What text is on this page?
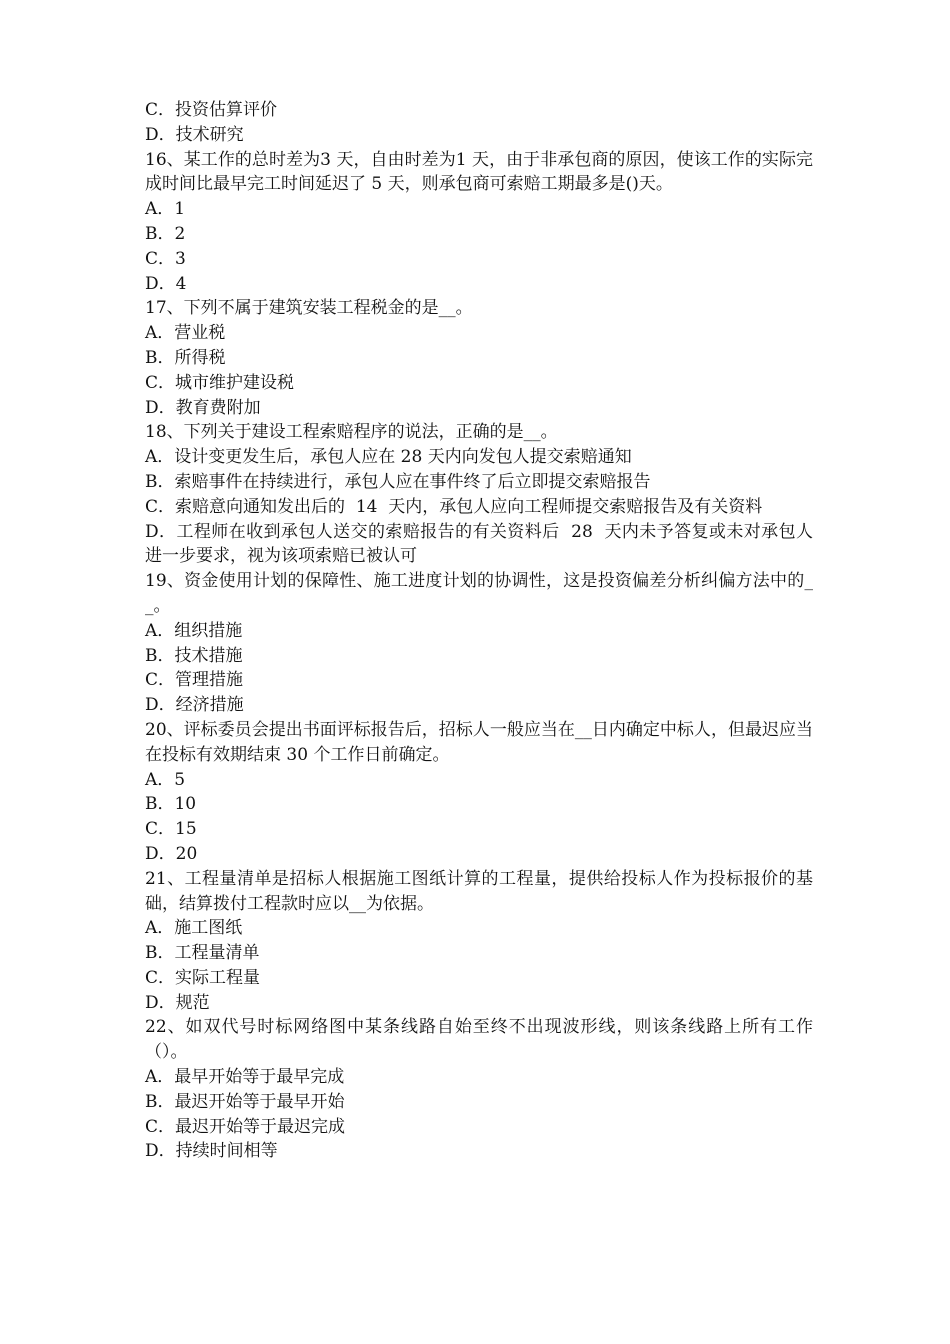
C．投资估算评价
D．技术研究
16、某工作的总时差为3 天，自由时差为1 天，由于非承包商的原因，使该工作的实际完成时间比最早完工时间延迟了 5 天，则承包商可索赔工期最多是()天。
A．1
B．2
C．3
D．4
17、下列不属于建筑安装工程税金的是__。
A．营业税
B．所得税
C．城市维护建设税
D．教育费附加
18、下列关于建设工程索赔程序的说法，正确的是__。
A．设计变更发生后，承包人应在 28 天内向发包人提交索赔通知
B．索赔事件在持续进行，承包人应在事件终了后立即提交索赔报告
C．索赔意向通知发出后的  14  天内，承包人应向工程师提交索赔报告及有关资料
D．工程师在收到承包人送交的索赔报告的有关资料后  28  天内未予答复或未对承包人进一步要求，视为该项索赔已被认可
19、资金使用计划的保障性、施工进度计划的协调性，这是投资偏差分析纠偏方法中的__。
A．组织措施
B．技术措施
C．管理措施
D．经济措施
20、评标委员会提出书面评标报告后，招标人一般应当在__日内确定中标人，但最迟应当在投标有效期结束 30 个工作日前确定。
A．5
B．10
C．15
D．20
21、工程量清单是招标人根据施工图纸计算的工程量，提供给投标人作为投标报价的基础，结算拨付工程款时应以__为依据。
A．施工图纸
B．工程量清单
C．实际工程量
D．规范
22、如双代号时标网络图中某条线路自始至终不出现波形线，则该条线路上所有工作（）。
A．最早开始等于最早完成
B．最迟开始等于最早开始
C．最迟开始等于最迟完成
D．持续时间相等
